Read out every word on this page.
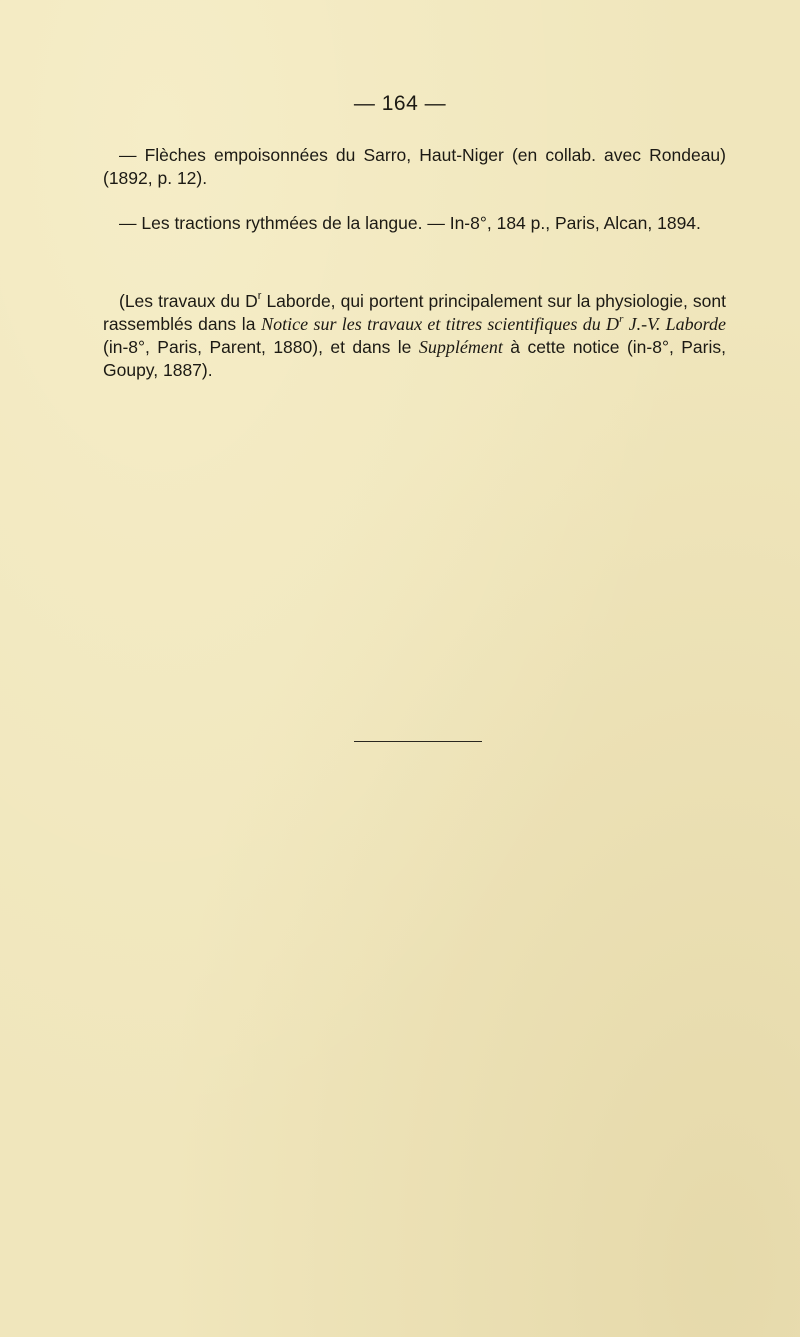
— 164 —
— Flèches empoisonnées du Sarro, Haut-Niger (en collab. avec Rondeau) (1892, p. 12).
— Les tractions rythmées de la langue. — In-8°, 184 p., Paris, Alcan, 1894.
(Les travaux du $D^r$ Laborde, qui portent principalement sur la physiologie, sont rassemblés dans la Notice sur les travaux et titres scientifiques du $D^r$ J.-V. Laborde (in-8°, Paris, Parent, 1880), et dans le Supplément à cette notice (in-8°, Paris, Goupy, 1887).
